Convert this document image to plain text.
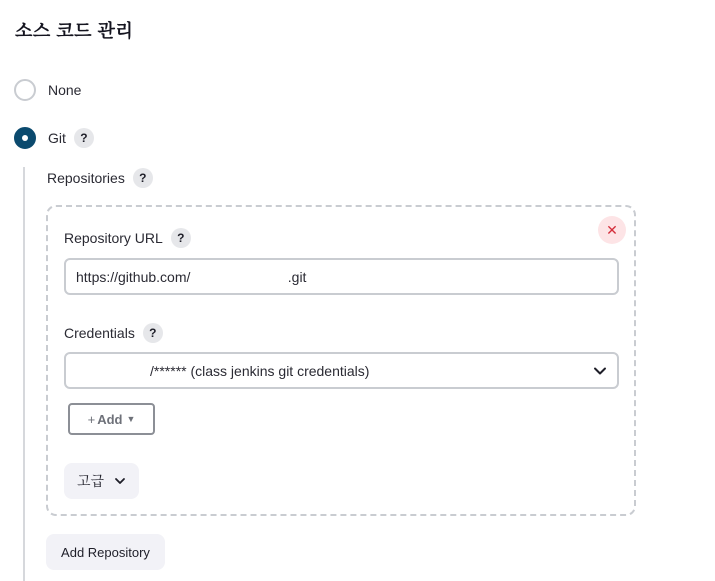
소스 코드 관리
None
Git	?
Repositories	?
✕
Repository URL	?
https://github.com/
	.git
Credentials	?

/****** (class jenkins git credentials)
+ Add ▼
고급
Add Repository
